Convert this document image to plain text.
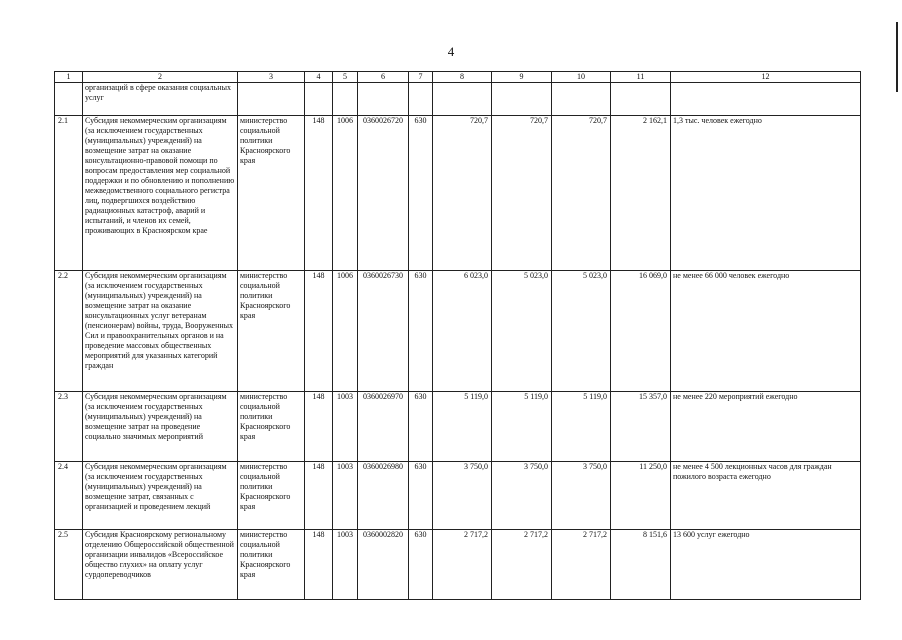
4
1	2	3	4	5	6	7	8	9	10	11	12
	организаций в сфере оказания социальных услуг										
2.1	Субсидия некоммерческим организациям (за исключением государственных (муниципальных) учреждений) на возмещение затрат на оказание консультационно-правовой помощи по вопросам предоставления мер социальной поддержки и по обновлению и пополнению межведомственного социального регистра лиц, подвергшихся воздействию радиационных катастроф, аварий и испытаний, и членов их семей, проживающих в Красноярском крае	министерство социальной политики Красноярского края	148	1006	0360026720	630	720,7	720,7	720,7	2 162,1	1,3 тыс. человек ежегодно
2.2	Субсидия некоммерческим организациям (за исключением государственных (муниципальных) учреждений) на возмещение затрат на оказание консультационных услуг ветеранам (пенсионерам) войны, труда, Вооруженных Сил и правоохранительных органов и на проведение массовых общественных мероприятий для указанных категорий граждан	министерство социальной политики Красноярского края	148	1006	0360026730	630	6 023,0	5 023,0	5 023,0	16 069,0	не менее 66 000 человек ежегодно
2.3	Субсидия некоммерческим организациям (за исключением государственных (муниципальных) учреждений) на возмещение затрат на проведение социально значимых мероприятий	министерство социальной политики Красноярского края	148	1003	0360026970	630	5 119,0	5 119,0	5 119,0	15 357,0	не менее 220 мероприятий ежегодно
2.4	Субсидия некоммерческим организациям (за исключением государственных (муниципальных) учреждений) на возмещение затрат, связанных с организацией и проведением лекций	министерство социальной политики Красноярского края	148	1003	0360026980	630	3 750,0	3 750,0	3 750,0	11 250,0	не менее 4 500 лекционных часов для граждан пожилого возраста ежегодно
2.5	Субсидия Красноярскому региональному отделению Общероссийской общественной организации инвалидов «Всероссийское общество глухих» на оплату услуг сурдопереводчиков	министерство социальной политики Красноярского края	148	1003	0360002820	630	2 717,2	2 717,2	2 717,2	8 151,6	13 600 услуг ежегодно
